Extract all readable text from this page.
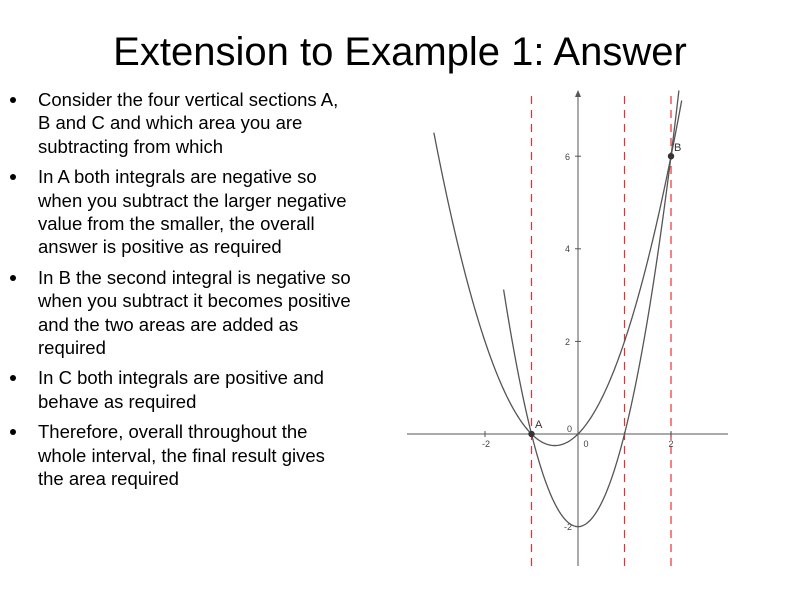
Extension to Example 1: Answer
Consider the four vertical sections A, B and C and which area you are subtracting from which
In A both integrals are negative so when you subtract the larger negative value from the smaller, the overall answer is positive as required
In B the second integral is negative so when you subtract it becomes positive and the two areas are added as required
In C both integrals are positive and behave as required
Therefore, overall throughout the whole interval, the final result gives the area required
-2	0	2
6
4
2
0
-2
A
B
